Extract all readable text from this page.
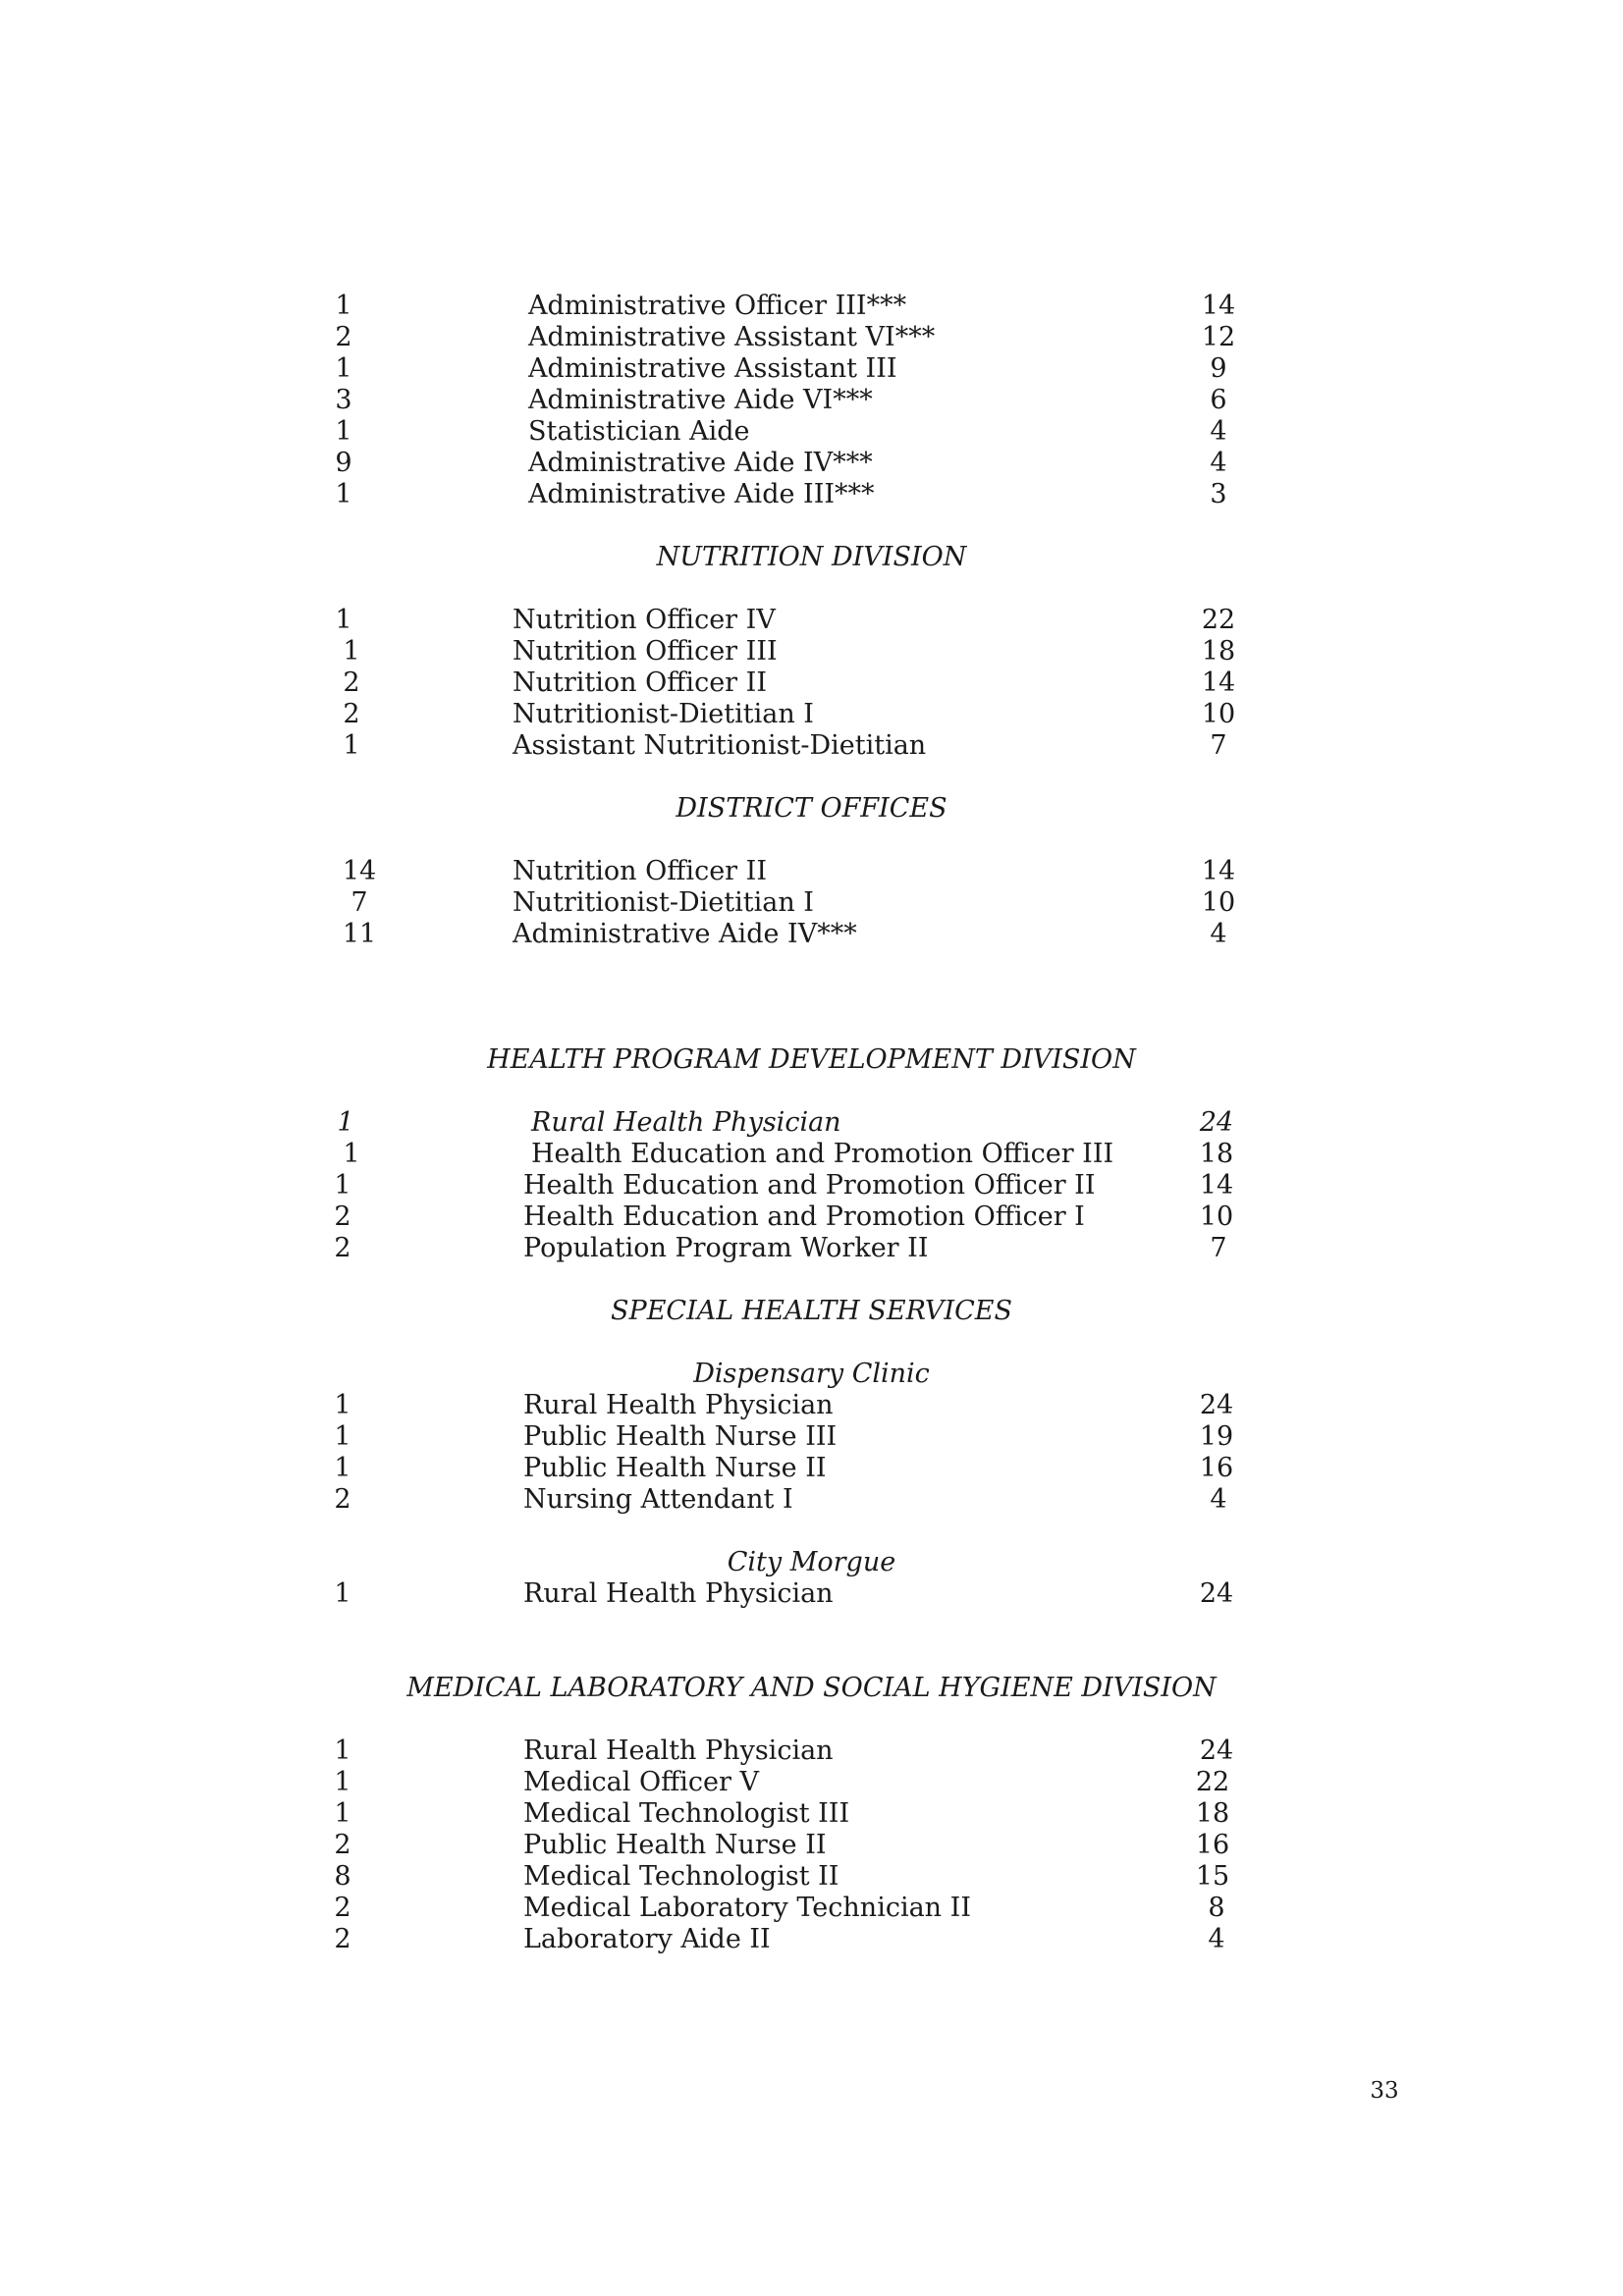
1	Administrative Officer III***	14
2	Administrative Assistant VI***	12
1	Administrative Assistant III	9
3	Administrative Aide VI***	6
1	Statistician Aide	4
9	Administrative Aide IV***	4
1	Administrative Aide III***	3
NUTRITION DIVISION
1	Nutrition Officer IV	22
1	Nutrition Officer III	18
2	Nutrition Officer II	14
2	Nutritionist-Dietitian I	10
1	Assistant Nutritionist-Dietitian	7
DISTRICT OFFICES
14	Nutrition Officer II	14
7	Nutritionist-Dietitian I	10
11	Administrative Aide IV***	4
HEALTH PROGRAM DEVELOPMENT DIVISION
1	Rural Health Physician	24
1	Health Education and Promotion Officer III	18
1	Health Education and Promotion Officer II	14
2	Health Education and Promotion Officer I	10
2	Population Program Worker II	7
SPECIAL HEALTH SERVICES
Dispensary Clinic
1	Rural Health Physician	24
1	Public Health Nurse III	19
1	Public Health Nurse II	16
2	Nursing Attendant I	4
City Morgue
1	Rural Health Physician	24
MEDICAL LABORATORY AND SOCIAL HYGIENE DIVISION
1	Rural Health Physician	24
1	Medical Officer V	22
1	Medical Technologist III	18
2	Public Health Nurse II	16
8	Medical Technologist II	15
2	Medical Laboratory Technician II	8
2	Laboratory Aide II	4
33
